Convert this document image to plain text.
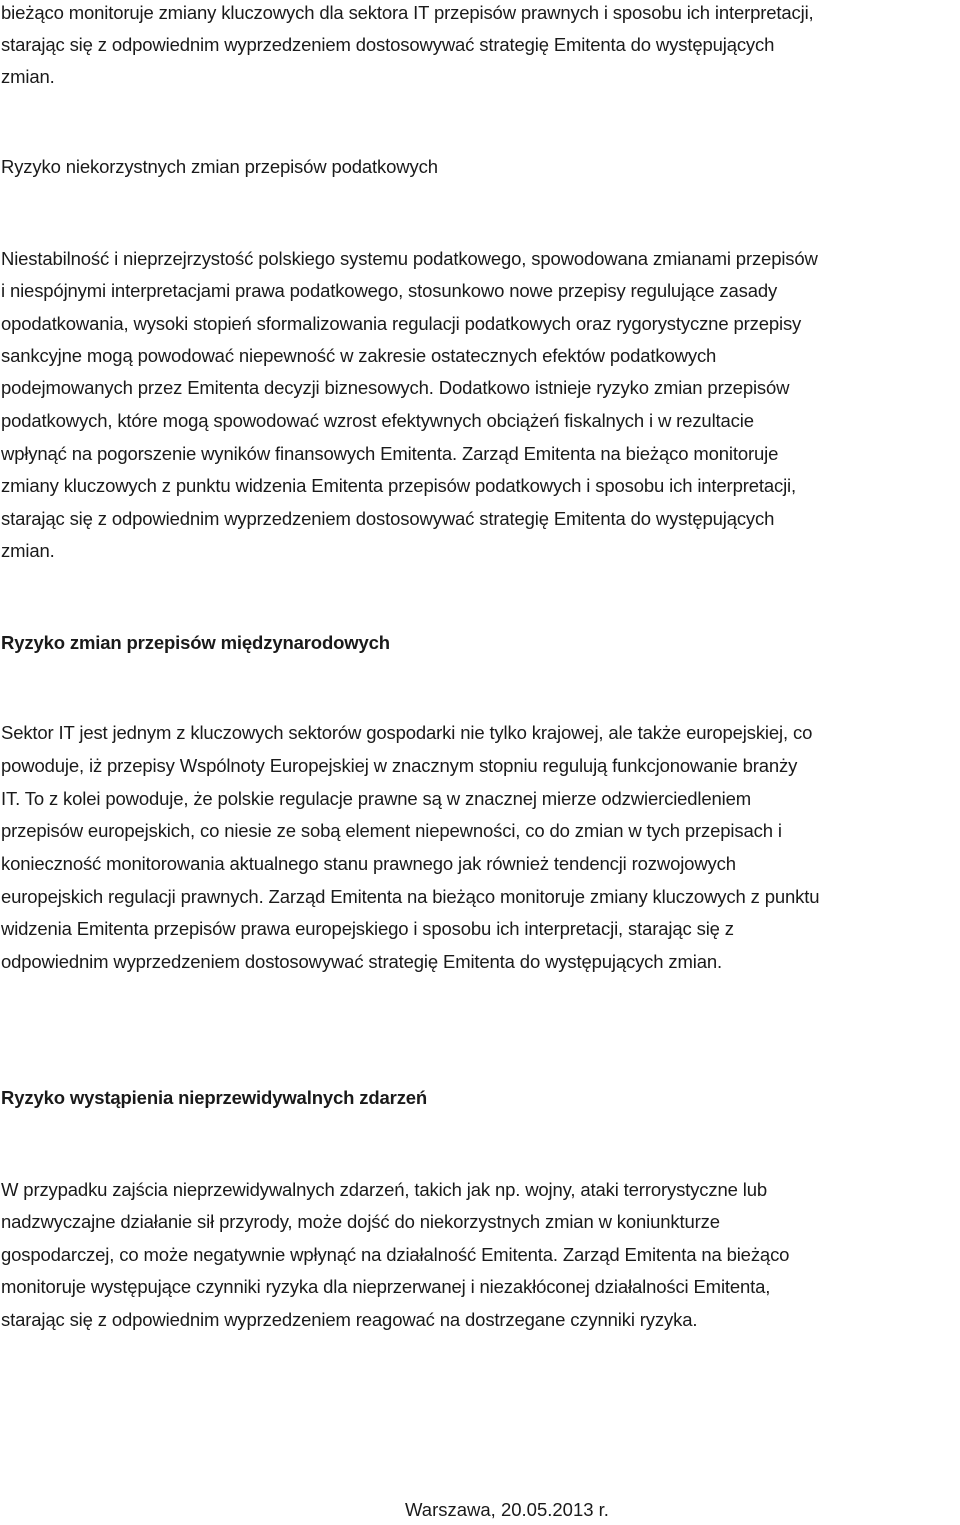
bieżąco monitoruje zmiany kluczowych dla sektora IT przepisów prawnych i sposobu ich interpretacji,
starając się z odpowiednim wyprzedzeniem dostosowywać strategię Emitenta do występujących
zmian.
Ryzyko niekorzystnych zmian przepisów podatkowych
Niestabilność i nieprzejrzystość polskiego systemu podatkowego, spowodowana zmianami przepisów
i niespójnymi interpretacjami prawa podatkowego, stosunkowo nowe przepisy regulujące zasady
opodatkowania, wysoki stopień sformalizowania regulacji podatkowych oraz rygorystyczne przepisy
sankcyjne mogą powodować niepewność w zakresie ostatecznych efektów podatkowych
podejmowanych przez Emitenta decyzji biznesowych. Dodatkowo istnieje ryzyko zmian przepisów
podatkowych, które mogą spowodować wzrost efektywnych obciążeń fiskalnych i w rezultacie
wpłynąć na pogorszenie wyników finansowych Emitenta. Zarząd Emitenta na bieżąco monitoruje
zmiany kluczowych z punktu widzenia Emitenta przepisów podatkowych i sposobu ich interpretacji,
starając się z odpowiednim wyprzedzeniem dostosowywać strategię Emitenta do występujących
zmian.
Ryzyko zmian przepisów międzynarodowych
Sektor IT jest jednym z kluczowych sektorów gospodarki nie tylko krajowej, ale także europejskiej, co
powoduje, iż przepisy Wspólnoty Europejskiej w znacznym stopniu regulują funkcjonowanie branży
IT. To z kolei powoduje, że polskie regulacje prawne są w znacznej mierze odzwierciedleniem
przepisów europejskich, co niesie ze sobą element niepewności, co do zmian w tych przepisach i
konieczność monitorowania aktualnego stanu prawnego jak również tendencji rozwojowych
europejskich regulacji prawnych. Zarząd Emitenta na bieżąco monitoruje zmiany kluczowych z punktu
widzenia Emitenta przepisów prawa europejskiego i sposobu ich interpretacji, starając się z
odpowiednim wyprzedzeniem dostosowywać strategię Emitenta do występujących zmian.
Ryzyko wystąpienia nieprzewidywalnych zdarzeń
W przypadku zajścia nieprzewidywalnych zdarzeń, takich jak np. wojny, ataki terrorystyczne lub
nadzwyczajne działanie sił przyrody, może dojść do niekorzystnych zmian w koniunkturze
gospodarczej, co może negatywnie wpłynąć na działalność Emitenta. Zarząd Emitenta na bieżąco
monitoruje występujące czynniki ryzyka dla nieprzerwanej i niezakłóconej działalności Emitenta,
starając się z odpowiednim wyprzedzeniem reagować na dostrzegane czynniki ryzyka.
Warszawa, 20.05.2013 r.
